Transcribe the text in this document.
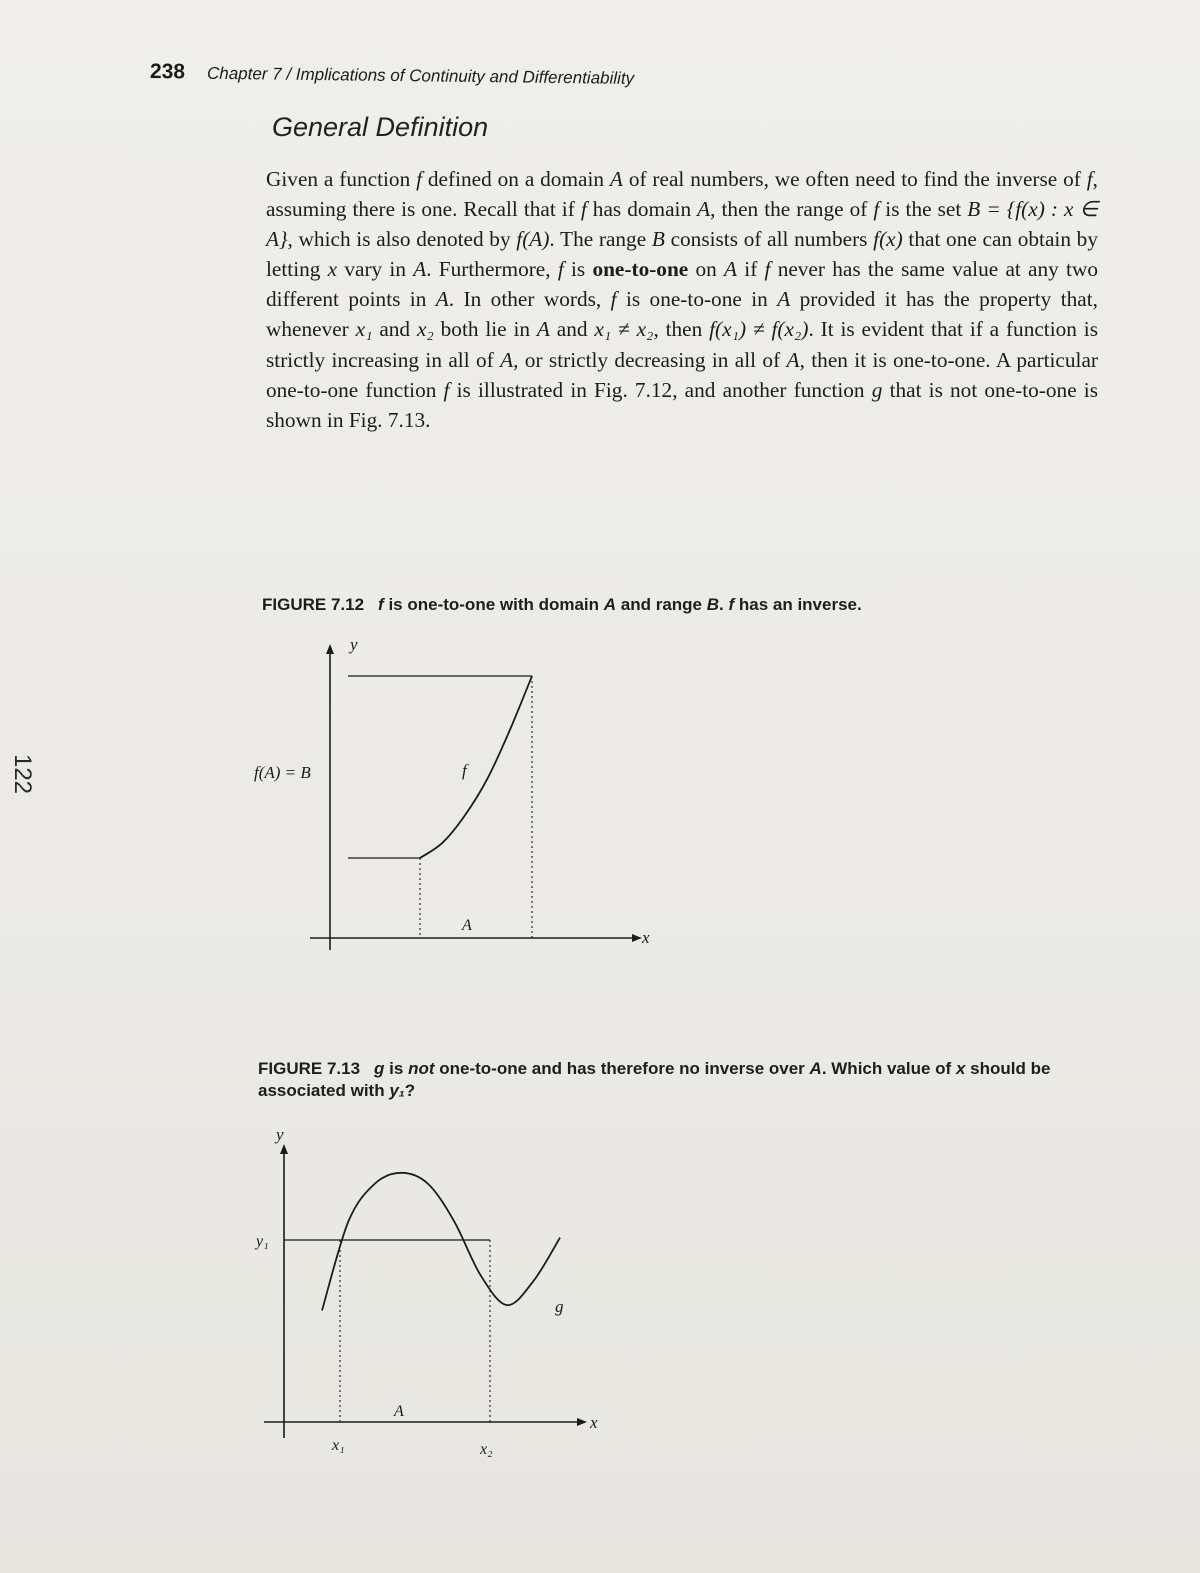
122
238 Chapter 7 / Implications of Continuity and Differentiability
General Definition

Given a function f defined on a domain A of real numbers, we often need to find the inverse of f, assuming there is one. Recall that if f has domain A, then the range of f is the set B = {f(x) : x ∈ A}, which is also denoted by f(A). The range B consists of all numbers f(x) that one can obtain by letting x vary in A. Furthermore, f is one-to-one on A if f never has the same value at any two different points in A. In other words, f is one-to-one in A provided it has the property that, whenever x₁ and x₂ both lie in A and x₁ ≠ x₂, then f(x₁) ≠ f(x₂). It is evident that if a function is strictly increasing in all of A, or strictly decreasing in all of A, then it is one-to-one. A particular one-to-one function f is illustrated in Fig. 7.12, and another function g that is not one-to-one is shown in Fig. 7.13.

FIGURE 7.12 f is one-to-one with domain A and range B. f has an inverse.

y
x
f(A) = B	f
A

FIGURE 7.13 g is not one-to-one and has therefore no inverse over A. Which value of x should be associated with y₁?

y
x
y₁
g
A
x₁	x₂
